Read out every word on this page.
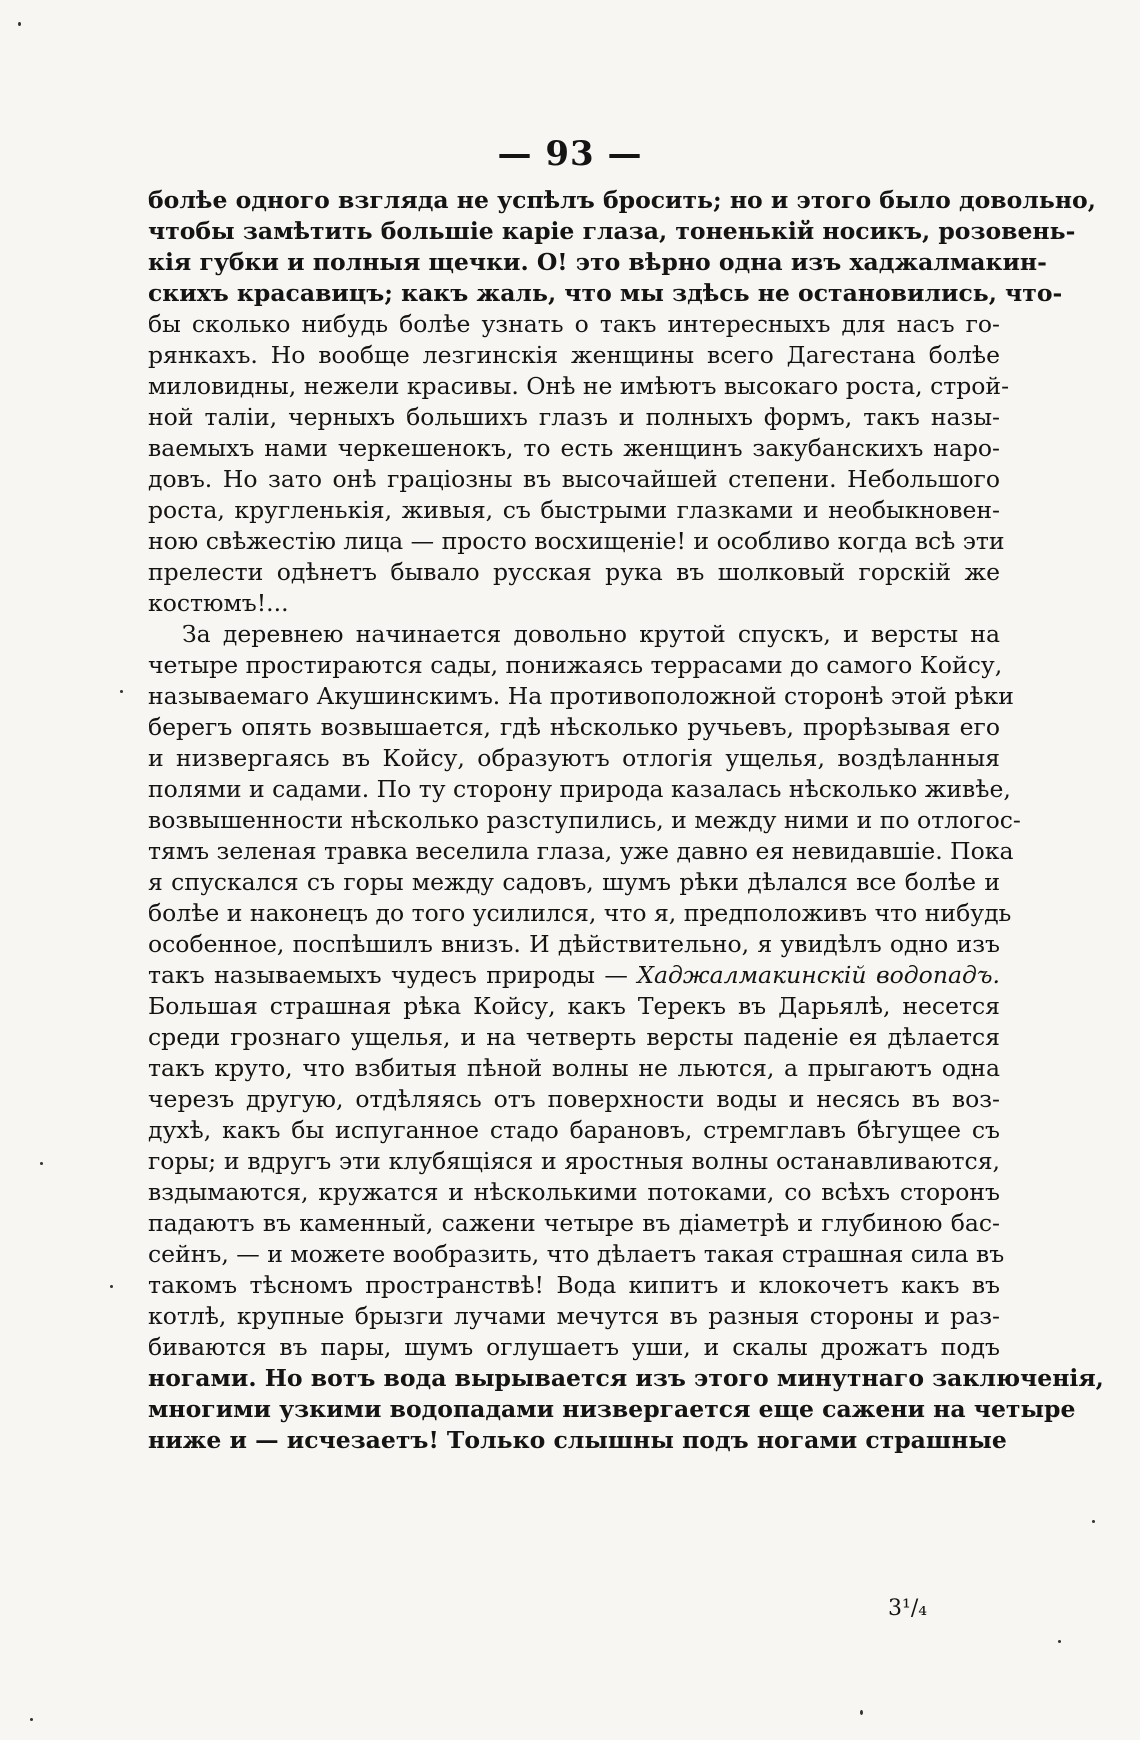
— 93 —
болѣе одного взгляда не успѣлъ бросить; но и этого было довольно,
чтобы замѣтить большіе каріе глаза, тоненькій носикъ, розовень-
кія губки и полныя щечки. О! это вѣрно одна изъ хаджалмакин-
скихъ красавицъ; какъ жаль, что мы здѣсь не остановились, что-
бы сколько нибудь болѣе узнать о такъ интересныхъ для насъ го-
рянкахъ. Но вообще лезгинскія женщины всего Дагестана болѣе
миловидны, нежели красивы. Онѣ не имѣютъ высокаго роста, строй-
ной таліи, черныхъ большихъ глазъ и полныхъ формъ, такъ назы-
ваемыхъ нами черкешенокъ, то есть женщинъ закубанскихъ наро-
довъ. Но зато онѣ граціозны въ высочайшей степени. Небольшого
роста, кругленькія, живыя, съ быстрыми глазками и необыкновен-
ною свѣжестію лица — просто восхищеніе! и особливо когда всѣ эти
прелести одѣнетъ бывало русская рука въ шолковый горскій же
костюмъ!...
За деревнею начинается довольно крутой спускъ, и версты на
четыре простираются сады, понижаясь террасами до самого Койсу,
называемаго Акушинскимъ. На противоположной сторонѣ этой рѣки
берегъ опять возвышается, гдѣ нѣсколько ручьевъ, прорѣзывая его
и низвергаясь въ Койсу, образуютъ отлогія ущелья, воздѣланныя
полями и садами. По ту сторону природа казалась нѣсколько живѣе,
возвышенности нѣсколько разступились, и между ними и по отлогос-
тямъ зеленая травка веселила глаза, уже давно ея невидавшіе. Пока
я спускался съ горы между садовъ, шумъ рѣки дѣлался все болѣе и
болѣе и наконецъ до того усилился, что я, предположивъ что нибудь
особенное, поспѣшилъ внизъ. И дѣйствительно, я увидѣлъ одно изъ
такъ называемыхъ чудесъ природы — Хаджалмакинскій водопадъ.
Большая страшная рѣка Койсу, какъ Терекъ въ Дарьялѣ, несется
среди грознаго ущелья, и на четверть версты паденіе ея дѣлается
такъ круто, что взбитыя пѣной волны не льются, а прыгаютъ одна
черезъ другую, отдѣляясь отъ поверхности воды и несясь въ воз-
духѣ, какъ бы испуганное стадо барановъ, стремглавъ бѣгущее съ
горы; и вдругъ эти клубящіяся и яростныя волны останавливаются,
вздымаются, кружатся и нѣсколькими потоками, со всѣхъ сторонъ
падаютъ въ каменный, сажени четыре въ діаметрѣ и глубиною бас-
сейнъ, — и можете вообразить, что дѣлаетъ такая страшная сила въ
такомъ тѣсномъ пространствѣ! Вода кипитъ и клокочетъ какъ въ
котлѣ, крупные брызги лучами мечутся въ разныя стороны и раз-
биваются въ пары, шумъ оглушаетъ уши, и скалы дрожатъ подъ
ногами. Но вотъ вода вырывается изъ этого минутнаго заключенія,
многими узкими водопадами низвергается еще сажени на четыре
ниже и — исчезаетъ! Только слышны подъ ногами страшные
3¹/₄
